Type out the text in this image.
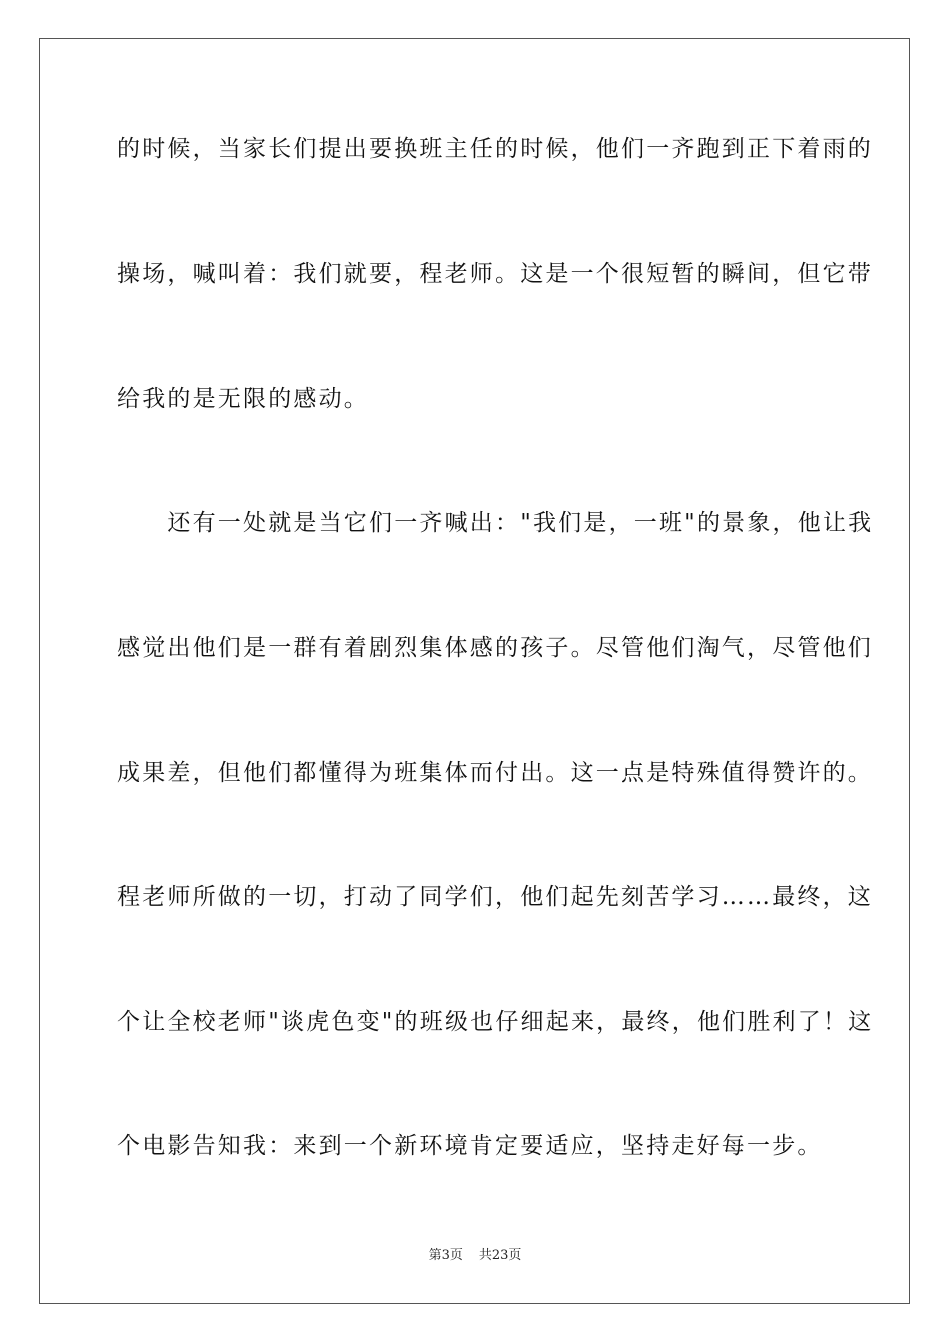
的时候，当家长们提出要换班主任的时候，他们一齐跑到正下着雨的
操场，喊叫着：我们就要，程老师。这是一个很短暂的瞬间，但它带
给我的是无限的感动。
　　还有一处就是当它们一齐喊出："我们是，一班"的景象，他让我
感觉出他们是一群有着剧烈集体感的孩子。尽管他们淘气，尽管他们
成果差，但他们都懂得为班集体而付出。这一点是特殊值得赞许的。
程老师所做的一切，打动了同学们，他们起先刻苦学习……最终，这
个让全校老师"谈虎色变"的班级也仔细起来，最终，他们胜利了！这
个电影告知我：来到一个新环境肯定要适应，坚持走好每一步。
第3页 共23页
